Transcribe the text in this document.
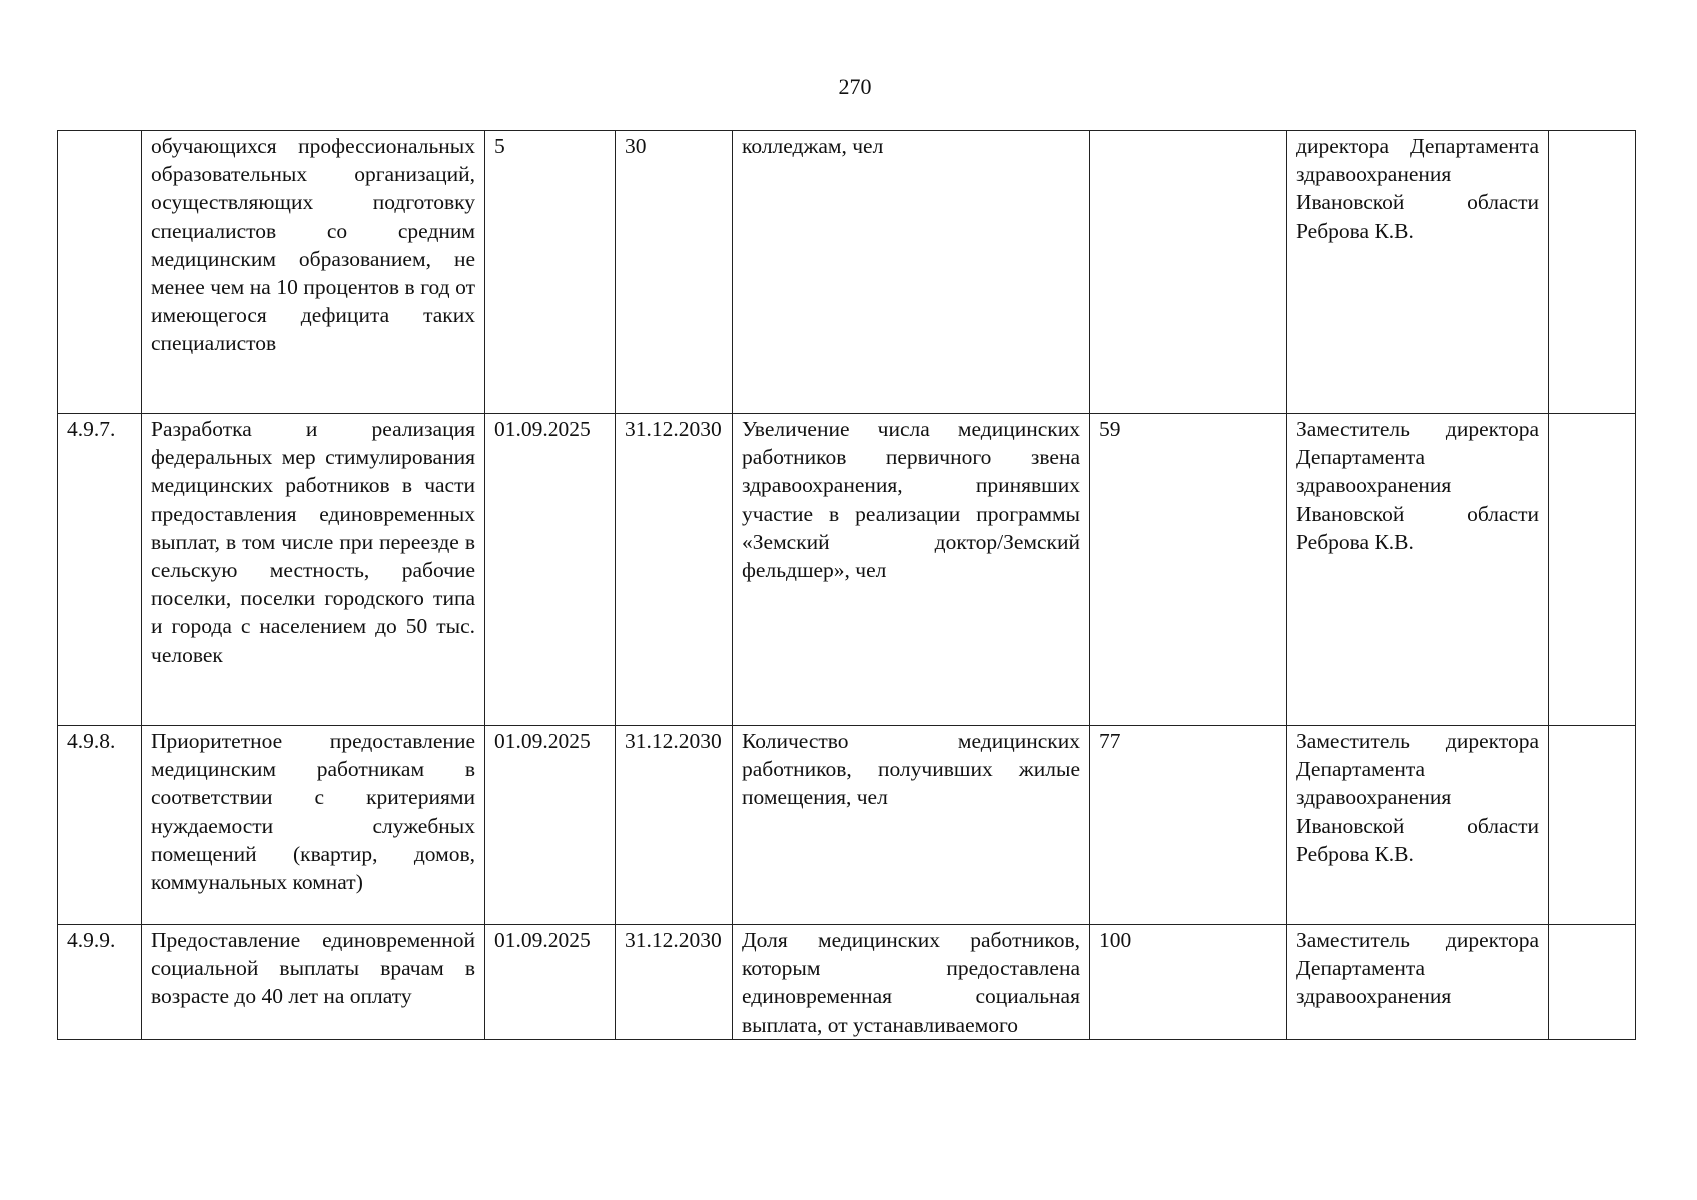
270
	обучающихся профессиональных образовательных организаций, осуществляющих подготовку специалистов со средним медицинским образованием, не менее чем на 10 процентов в год от имеющегося дефицита таких специалистов	5	30	колледжам, чел		директора Департамента здравоохранения Ивановской области Реброва К.В.	
4.9.7.	Разработка и реализация федеральных мер стимулирования медицинских работников в части предоставления единовременных выплат, в том числе при переезде в сельскую местность, рабочие поселки, поселки городского типа и города с населением до 50 тыс. человек	01.09.2025	31.12.2030	Увеличение числа медицинских работников первичного звена здравоохранения, принявших участие в реализации программы «Земский доктор/Земский фельдшер», чел	59	Заместитель директора Департамента здравоохранения Ивановской области Реброва К.В.	
4.9.8.	Приоритетное предоставление медицинским работникам в соответствии с критериями нуждаемости служебных помещений (квартир, домов, коммунальных комнат)	01.09.2025	31.12.2030	Количество медицинских работников, получивших жилые помещения, чел	77	Заместитель директора Департамента здравоохранения Ивановской области Реброва К.В.	
4.9.9.	Предоставление единовременной социальной выплаты врачам в возрасте до 40 лет на оплату	01.09.2025	31.12.2030	Доля медицинских работников, которым предоставлена единовременная социальная выплата, от устанавливаемого	100	Заместитель директора Департамента здравоохранения	
